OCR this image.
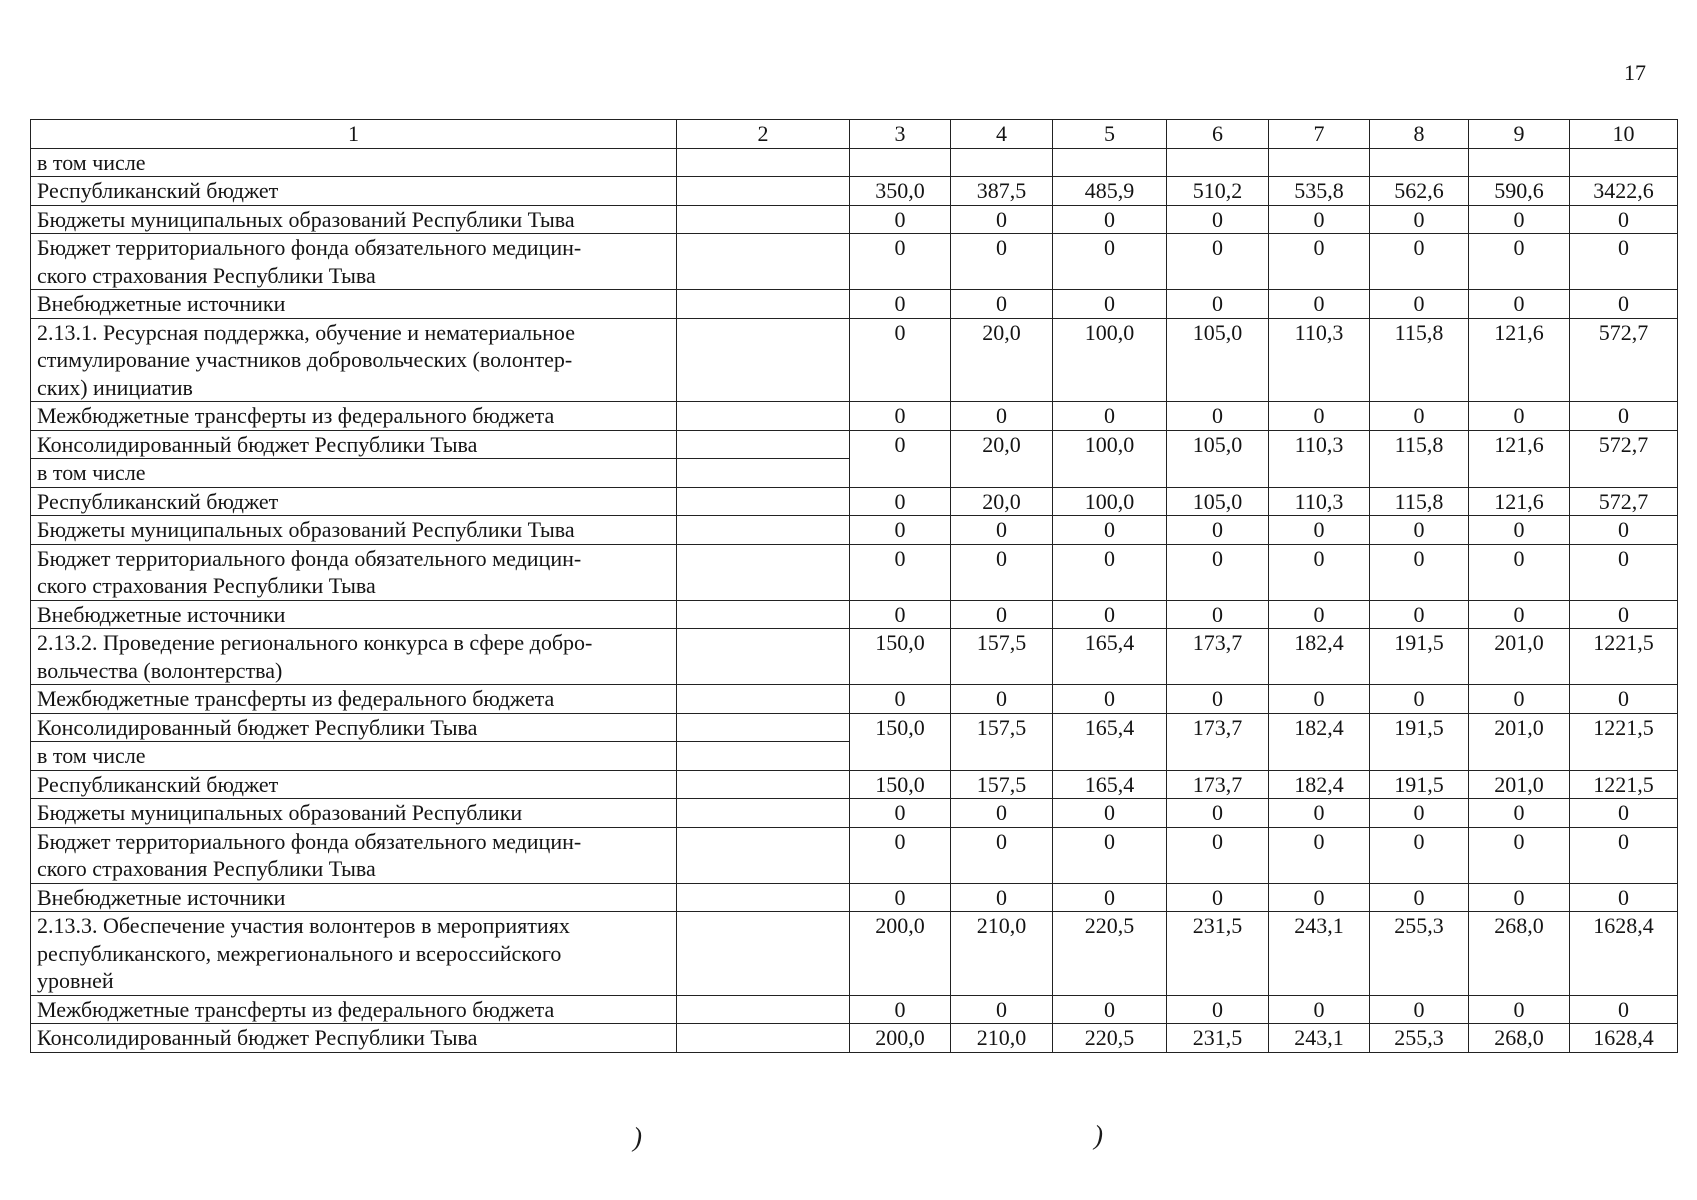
17
1	2	3	4	5	6	7	8	9	10
в том числе									
Республиканский бюджет		350,0	387,5	485,9	510,2	535,8	562,6	590,6	3422,6
Бюджеты муниципальных образований Республики Тыва		0	0	0	0	0	0	0	0
Бюджет территориального фонда обязательного медицин-
ского страхования Республики Тыва		0	0	0	0	0	0	0	0
Внебюджетные источники		0	0	0	0	0	0	0	0
2.13.1. Ресурсная поддержка, обучение и нематериальное
стимулирование участников добровольческих (волонтер-
ских) инициатив		0	20,0	100,0	105,0	110,3	115,8	121,6	572,7
Межбюджетные трансферты из федерального бюджета		0	0	0	0	0	0	0	0
Консолидированный бюджет Республики Тыва		0	20,0	100,0	105,0	110,3	115,8	121,6	572,7
в том числе									
Республиканский бюджет		0	20,0	100,0	105,0	110,3	115,8	121,6	572,7
Бюджеты муниципальных образований Республики Тыва		0	0	0	0	0	0	0	0
Бюджет территориального фонда обязательного медицин-
ского страхования Республики Тыва		0	0	0	0	0	0	0	0
Внебюджетные источники		0	0	0	0	0	0	0	0
2.13.2. Проведение регионального конкурса в сфере добро-
вольчества (волонтерства)		150,0	157,5	165,4	173,7	182,4	191,5	201,0	1221,5
Межбюджетные трансферты из федерального бюджета		0	0	0	0	0	0	0	0
Консолидированный бюджет Республики Тыва		150,0	157,5	165,4	173,7	182,4	191,5	201,0	1221,5
в том числе									
Республиканский бюджет		150,0	157,5	165,4	173,7	182,4	191,5	201,0	1221,5
Бюджеты муниципальных образований Республики		0	0	0	0	0	0	0	0
Бюджет территориального фонда обязательного медицин-
ского страхования Республики Тыва		0	0	0	0	0	0	0	0
Внебюджетные источники		0	0	0	0	0	0	0	0
2.13.3. Обеспечение участия волонтеров в мероприятиях
республиканского, межрегионального и всероссийского
уровней		200,0	210,0	220,5	231,5	243,1	255,3	268,0	1628,4
Межбюджетные трансферты из федерального бюджета		0	0	0	0	0	0	0	0
Консолидированный бюджет Республики Тыва		200,0	210,0	220,5	231,5	243,1	255,3	268,0	1628,4
)	)
